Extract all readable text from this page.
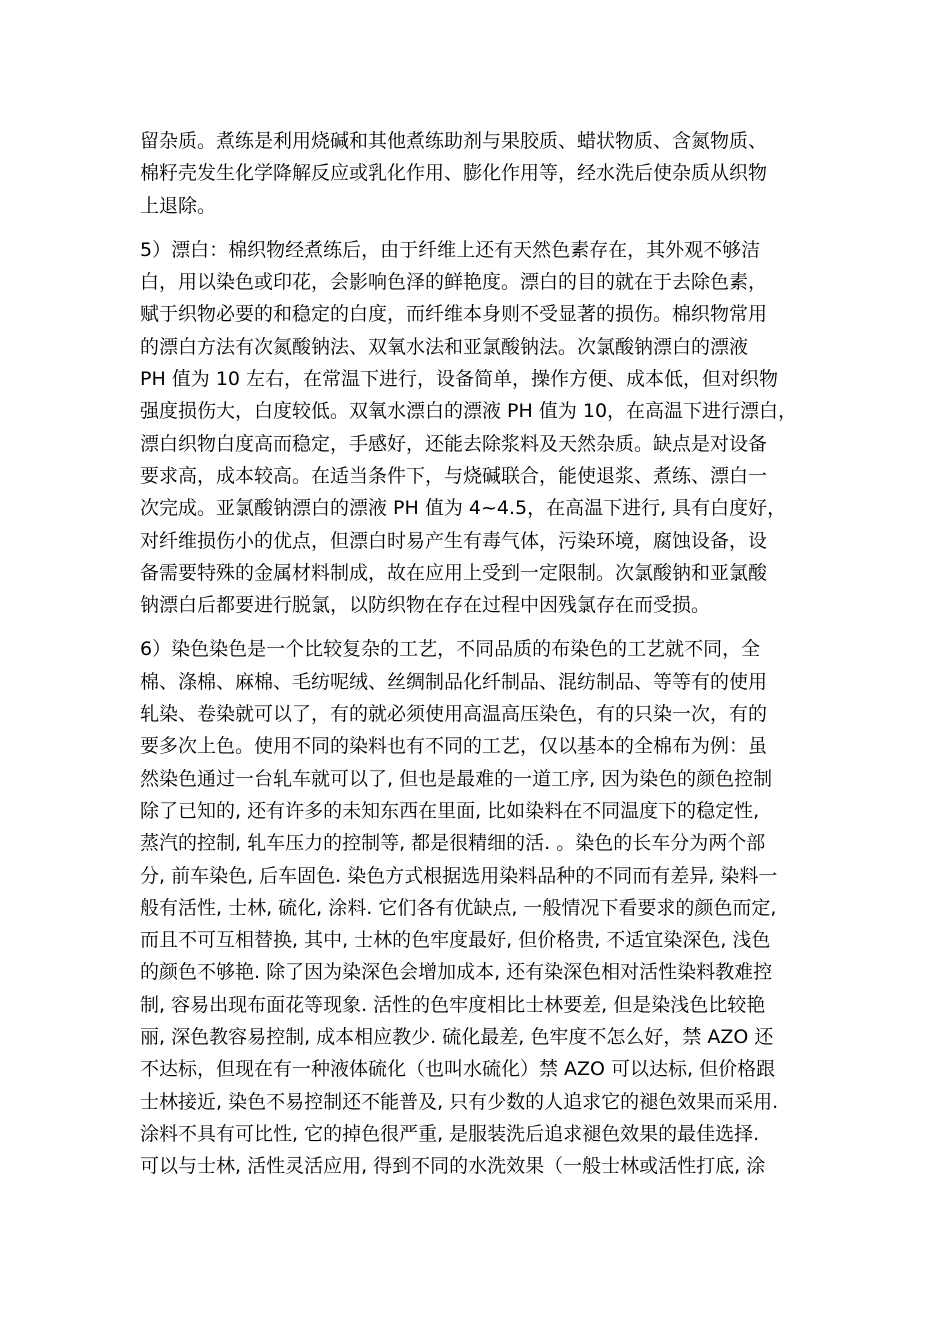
留杂质。煮练是利用烧碱和其他煮练助剂与果胶质、蜡状物质、含氮物质、
棉籽壳发生化学降解反应或乳化作用、膨化作用等，经水洗后使杂质从织物
上退除。
5）漂白：棉织物经煮练后，由于纤维上还有天然色素存在，其外观不够洁
白，用以染色或印花，会影响色泽的鲜艳度。漂白的目的就在于去除色素，
赋于织物必要的和稳定的白度，而纤维本身则不受显著的损伤。棉织物常用
的漂白方法有次氮酸钠法、双氧水法和亚氯酸钠法。次氯酸钠漂白的漂液
PH 值为 10 左右，在常温下进行，设备简单，操作方便、成本低，但对织物
强度损伤大，白度较低。双氧水漂白的漂液 PH 值为 10，在高温下进行漂白，
漂白织物白度高而稳定，手感好，还能去除浆料及天然杂质。缺点是对设备
要求高，成本较高。在适当条件下，与烧碱联合，能使退浆、煮练、漂白一
次完成。亚氯酸钠漂白的漂液 PH 值为 4~4.5，在高温下进行, 具有白度好，
对纤维损伤小的优点，但漂白时易产生有毒气体，污染环境，腐蚀设备，设
备需要特殊的金属材料制成，故在应用上受到一定限制。次氯酸钠和亚氯酸
钠漂白后都要进行脱氯，以防织物在存在过程中因残氯存在而受损。
6）染色染色是一个比较复杂的工艺，不同品质的布染色的工艺就不同，全
棉、涤棉、麻棉、毛纺呢绒、丝绸制品化纤制品、混纺制品、等等有的使用
轧染、卷染就可以了，有的就必须使用高温高压染色，有的只染一次，有的
要多次上色。使用不同的染料也有不同的工艺，仅以基本的全棉布为例：虽
然染色通过一台轧车就可以了, 但也是最难的一道工序, 因为染色的颜色控制
除了已知的, 还有许多的未知东西在里面, 比如染料在不同温度下的稳定性,
蒸汽的控制, 轧车压力的控制等, 都是很精细的活. 。染色的长车分为两个部
分, 前车染色, 后车固色. 染色方式根据选用染料品种的不同而有差异, 染料一
般有活性, 士林, 硫化, 涂料. 它们各有优缺点, 一般情况下看要求的颜色而定,
而且不可互相替换, 其中, 士林的色牢度最好, 但价格贵, 不适宜染深色, 浅色
的颜色不够艳. 除了因为染深色会增加成本, 还有染深色相对活性染料教难控
制, 容易出现布面花等现象. 活性的色牢度相比士林要差, 但是染浅色比较艳
丽, 深色教容易控制, 成本相应教少. 硫化最差, 色牢度不怎么好，禁 AZO 还
不达标，但现在有一种液体硫化（也叫水硫化）禁 AZO 可以达标, 但价格跟
士林接近, 染色不易控制还不能普及, 只有少数的人追求它的褪色效果而采用.
涂料不具有可比性, 它的掉色很严重, 是服装洗后追求褪色效果的最佳选择.
可以与士林, 活性灵活应用, 得到不同的水洗效果（一般士林或活性打底, 涂
